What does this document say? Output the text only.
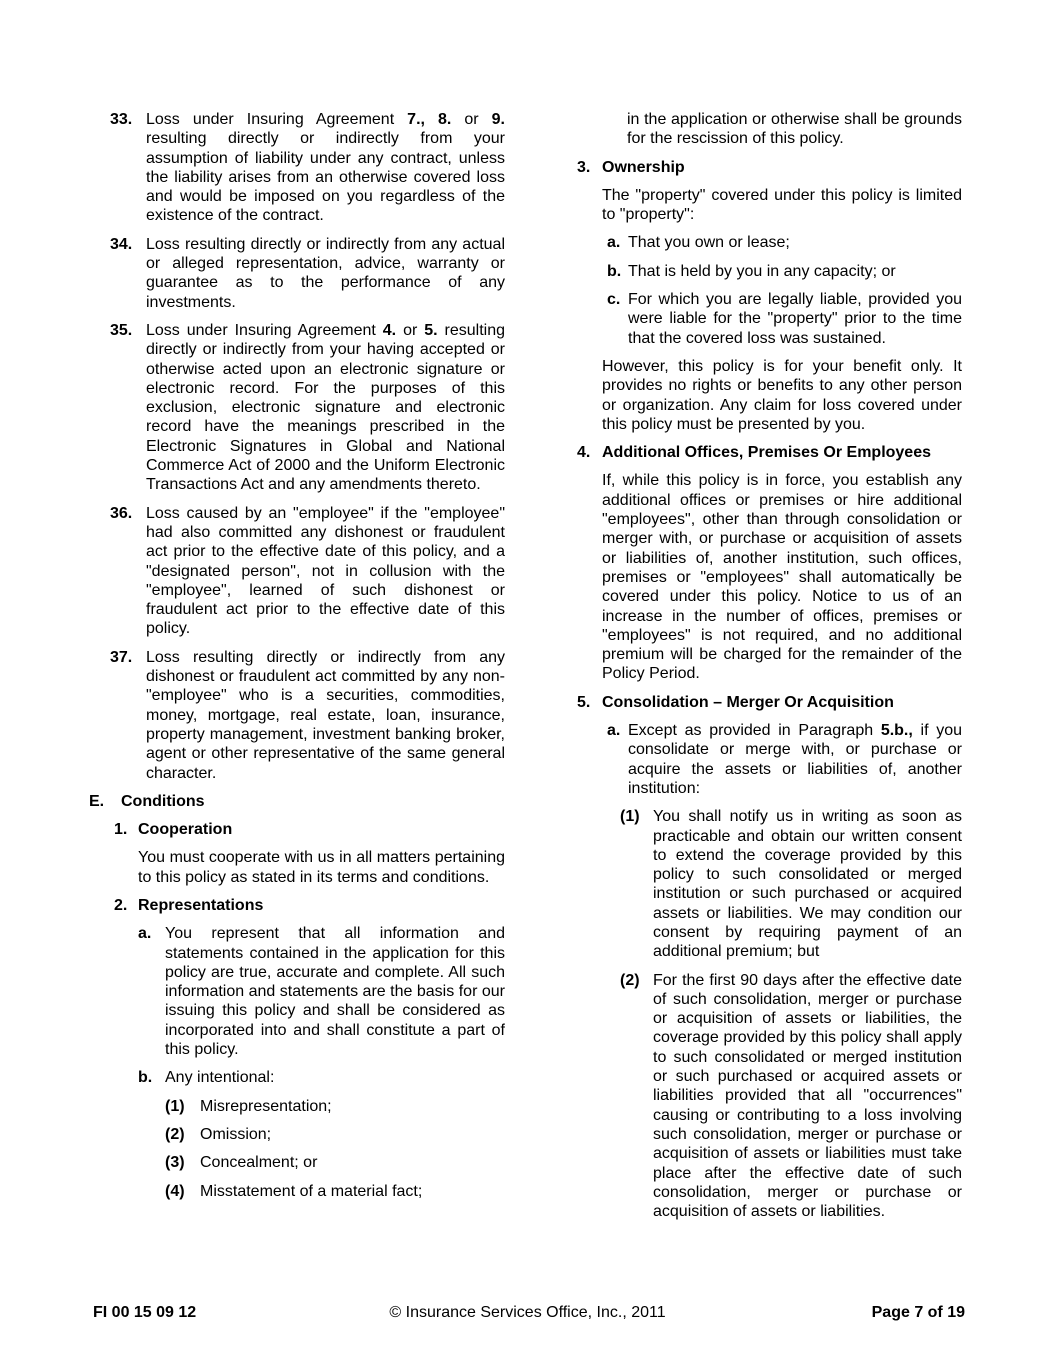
33. Loss under Insuring Agreement 7., 8. or 9. resulting directly or indirectly from your assumption of liability under any contract, unless the liability arises from an otherwise covered loss and would be imposed on you regardless of the existence of the contract.
34. Loss resulting directly or indirectly from any actual or alleged representation, advice, warranty or guarantee as to the performance of any investments.
35. Loss under Insuring Agreement 4. or 5. resulting directly or indirectly from your having accepted or otherwise acted upon an electronic signature or electronic record. For the purposes of this exclusion, electronic signature and electronic record have the meanings prescribed in the Electronic Signatures in Global and National Commerce Act of 2000 and the Uniform Electronic Transactions Act and any amendments thereto.
36. Loss caused by an "employee" if the "employee" had also committed any dishonest or fraudulent act prior to the effective date of this policy, and a "designated person", not in collusion with the "employee", learned of such dishonest or fraudulent act prior to the effective date of this policy.
37. Loss resulting directly or indirectly from any dishonest or fraudulent act committed by any non-"employee" who is a securities, commodities, money, mortgage, real estate, loan, insurance, property management, investment banking broker, agent or other representative of the same general character.
E.	Conditions
1. Cooperation
You must cooperate with us in all matters pertaining to this policy as stated in its terms and conditions.
2. Representations
a. You represent that all information and statements contained in the application for this policy are true, accurate and complete. All such information and statements are the basis for our issuing this policy and shall be considered as incorporated into and shall constitute a part of this policy.
b. Any intentional:
(1) Misrepresentation;
(2) Omission;
(3) Concealment; or
(4) Misstatement of a material fact;
in the application or otherwise shall be grounds for the rescission of this policy.
3. Ownership
The "property" covered under this policy is limited to "property":
a. That you own or lease;
b. That is held by you in any capacity; or
c. For which you are legally liable, provided you were liable for the "property" prior to the time that the covered loss was sustained.
However, this policy is for your benefit only. It provides no rights or benefits to any other person or organization. Any claim for loss covered under this policy must be presented by you.
4. Additional Offices, Premises Or Employees
If, while this policy is in force, you establish any additional offices or premises or hire additional "employees", other than through consolidation or merger with, or purchase or acquisition of assets or liabilities of, another institution, such offices, premises or "employees" shall automatically be covered under this policy. Notice to us of an increase in the number of offices, premises or "employees" is not required, and no additional premium will be charged for the remainder of the Policy Period.
5. Consolidation – Merger Or Acquisition
a. Except as provided in Paragraph 5.b., if you consolidate or merge with, or purchase or acquire the assets or liabilities of, another institution:
(1) You shall notify us in writing as soon as practicable and obtain our written consent to extend the coverage provided by this policy to such consolidated or merged institution or such purchased or acquired assets or liabilities. We may condition our consent by requiring payment of an additional premium; but
(2) For the first 90 days after the effective date of such consolidation, merger or purchase or acquisition of assets or liabilities, the coverage provided by this policy shall apply to such consolidated or merged institution or such purchased or acquired assets or liabilities provided that all "occurrences" causing or contributing to a loss involving such consolidation, merger or purchase or acquisition of assets or liabilities must take place after the effective date of such consolidation, merger or purchase or acquisition of assets or liabilities.
FI 00 15 09 12	© Insurance Services Office, Inc., 2011	Page 7 of 19
